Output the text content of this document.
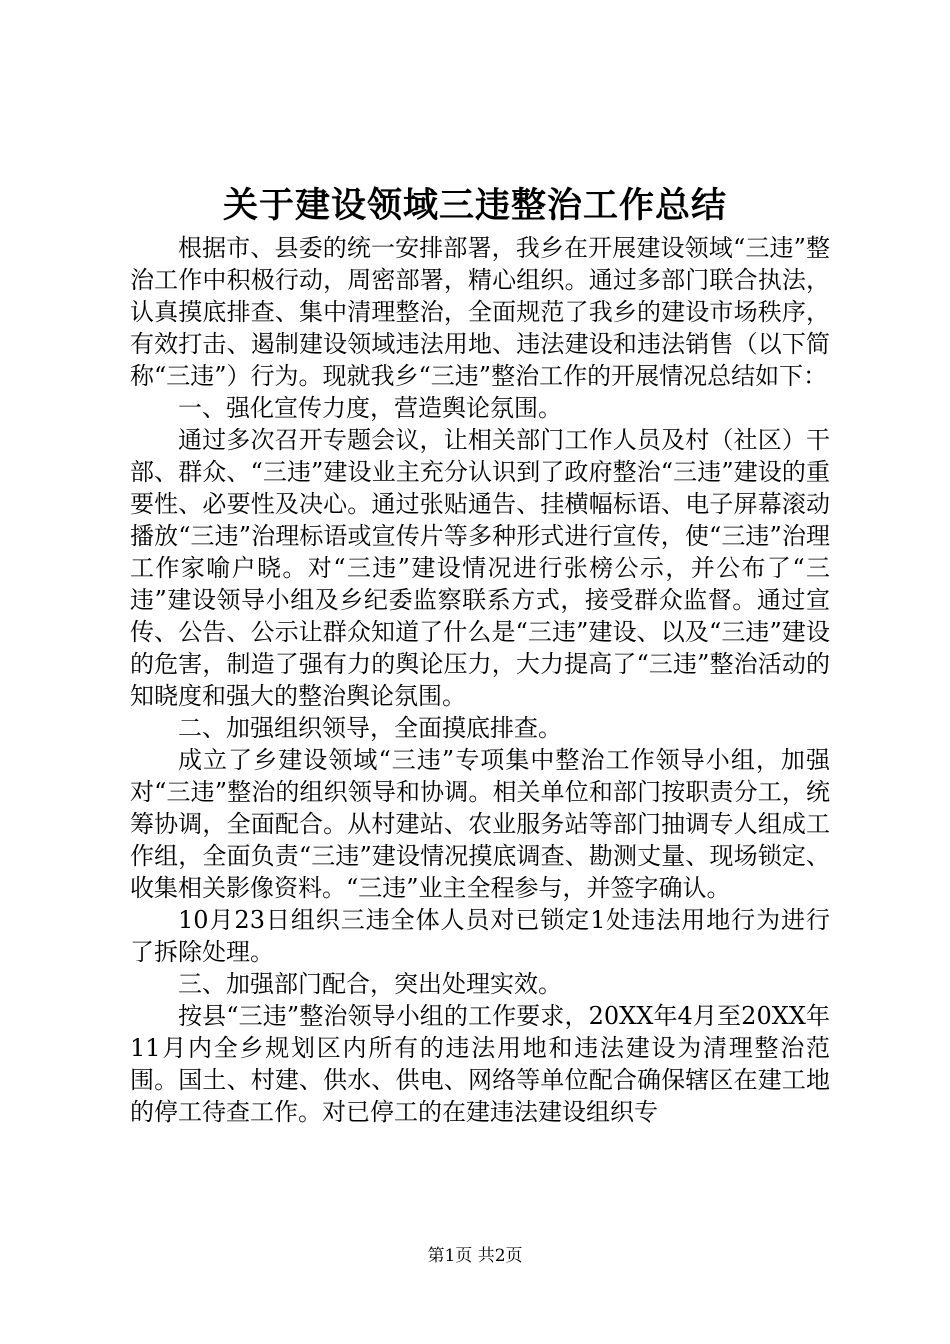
关于建设领域三违整治工作总结

根据市、县委的统一安排部署，我乡在开展建设领域“三违”整治工作中积极行动，周密部署，精心组织。通过多部门联合执法，认真摸底排查、集中清理整治，全面规范了我乡的建设市场秩序，有效打击、遏制建设领域违法用地、违法建设和违法销售（以下简称“三违”）行为。现就我乡“三违”整治工作的开展情况总结如下：

一、强化宣传力度，营造舆论氛围。

通过多次召开专题会议，让相关部门工作人员及村（社区）干部、群众、“三违”建设业主充分认识到了政府整治“三违”建设的重要性、必要性及决心。通过张贴通告、挂横幅标语、电子屏幕滚动播放“三违”治理标语或宣传片等多种形式进行宣传，使“三违”治理工作家喻户晓。对“三违”建设情况进行张榜公示，并公布了“三违”建设领导小组及乡纪委监察联系方式，接受群众监督。通过宣传、公告、公示让群众知道了什么是“三违”建设、以及“三违”建设的危害，制造了强有力的舆论压力，大力提高了“三违”整治活动的知晓度和强大的整治舆论氛围。

二、加强组织领导，全面摸底排查。

成立了乡建设领域“三违”专项集中整治工作领导小组，加强对“三违”整治的组织领导和协调。相关单位和部门按职责分工，统筹协调，全面配合。从村建站、农业服务站等部门抽调专人组成工作组，全面负责“三违”建设情况摸底调查、勘测丈量、现场锁定、收集相关影像资料。“三违”业主全程参与，并签字确认。

10月23日组织三违全体人员对已锁定1处违法用地行为进行了拆除处理。

三、加强部门配合，突出处理实效。

按县“三违”整治领导小组的工作要求，20XX年4月至20XX年11月内全乡规划区内所有的违法用地和违法建设为清理整治范围。国土、村建、供水、供电、网络等单位配合确保辖区在建工地的停工待查工作。对已停工的在建违法建设组织专

第1页 共2页
